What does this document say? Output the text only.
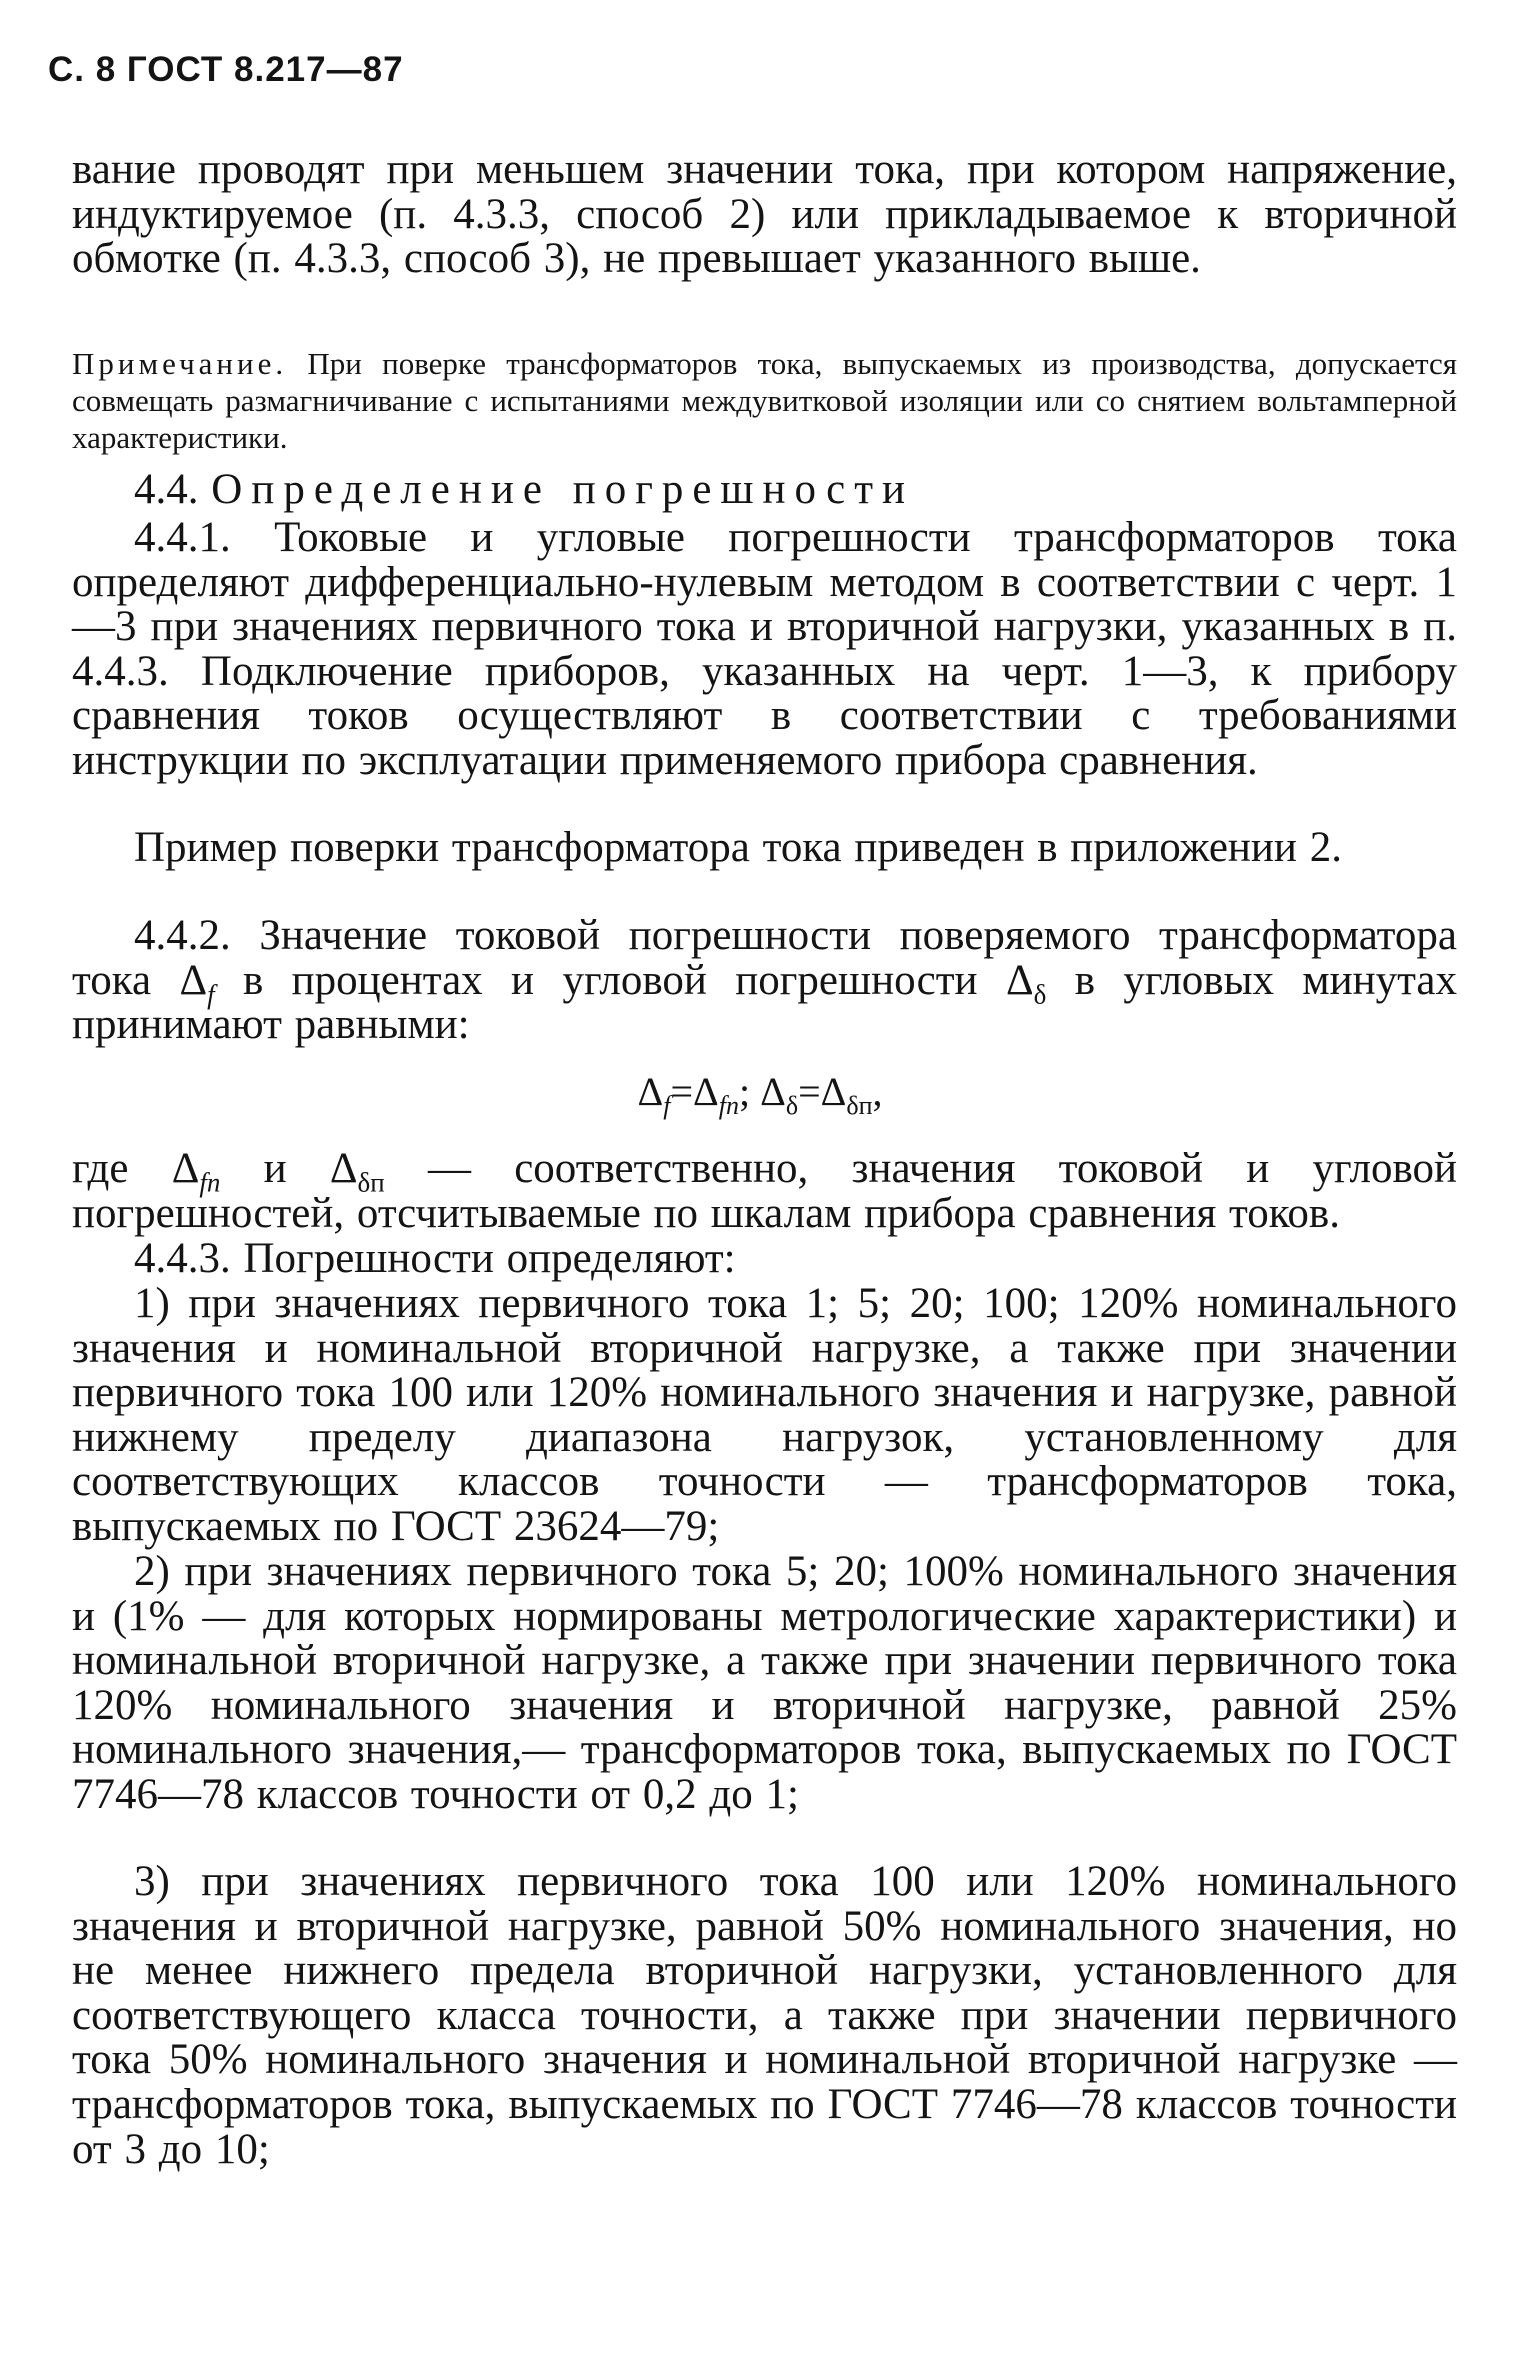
С. 8 ГОСТ 8.217—87

вание проводят при меньшем значении тока, при котором напряжение, индуктируемое (п. 4.3.3, способ 2) или прикладываемое к вторичной обмотке (п. 4.3.3, способ 3), не превышает указанного выше.

Примечание. При поверке трансформаторов тока, выпускаемых из производства, допускается совмещать размагничивание с испытаниями междувитковой изоляции или со снятием вольтамперной характеристики.

4.4. Определение погрешности

4.4.1. Токовые и угловые погрешности трансформаторов тока определяют дифференциально-нулевым методом в соответствии с черт. 1—3 при значениях первичного тока и вторичной нагрузки, указанных в п. 4.4.3. Подключение приборов, указанных на черт. 1—3, к прибору сравнения токов осуществляют в соответствии с требованиями инструкции по эксплуатации применяемого прибора сравнения.

Пример поверки трансформатора тока приведен в приложении 2.

4.4.2. Значение токовой погрешности поверяемого трансформатора тока $\Delta_f$ в процентах и угловой погрешности $\Delta_\delta$ в угловых минутах принимают равными:

$\Delta_f=\Delta_{fп}$; $\Delta_\delta=\Delta_{\delta п}$,

где $\Delta_{fп}$ и $\Delta_{\delta п}$ — соответственно, значения токовой и угловой погрешностей, отсчитываемые по шкалам прибора сравнения токов.

4.4.3. Погрешности определяют:

1) при значениях первичного тока 1; 5; 20; 100; 120% номинального значения и номинальной вторичной нагрузке, а также при значении первичного тока 100 или 120% номинального значения и нагрузке, равной нижнему пределу диапазона нагрузок, установленному для соответствующих классов точности — трансформаторов тока, выпускаемых по ГОСТ 23624—79;

2) при значениях первичного тока 5; 20; 100% номинального значения и (1% — для которых нормированы метрологические характеристики) и номинальной вторичной нагрузке, а также при значении первичного тока 120% номинального значения и вторичной нагрузке, равной 25% номинального значения,— трансформаторов тока, выпускаемых по ГОСТ 7746—78 классов точности от 0,2 до 1;

3) при значениях первичного тока 100 или 120% номинального значения и вторичной нагрузке, равной 50% номинального значения, но не менее нижнего предела вторичной нагрузки, установленного для соответствующего класса точности, а также при значении первичного тока 50% номинального значения и номинальной вторичной нагрузке — трансформаторов тока, выпускаемых по ГОСТ 7746—78 классов точности от 3 до 10;
